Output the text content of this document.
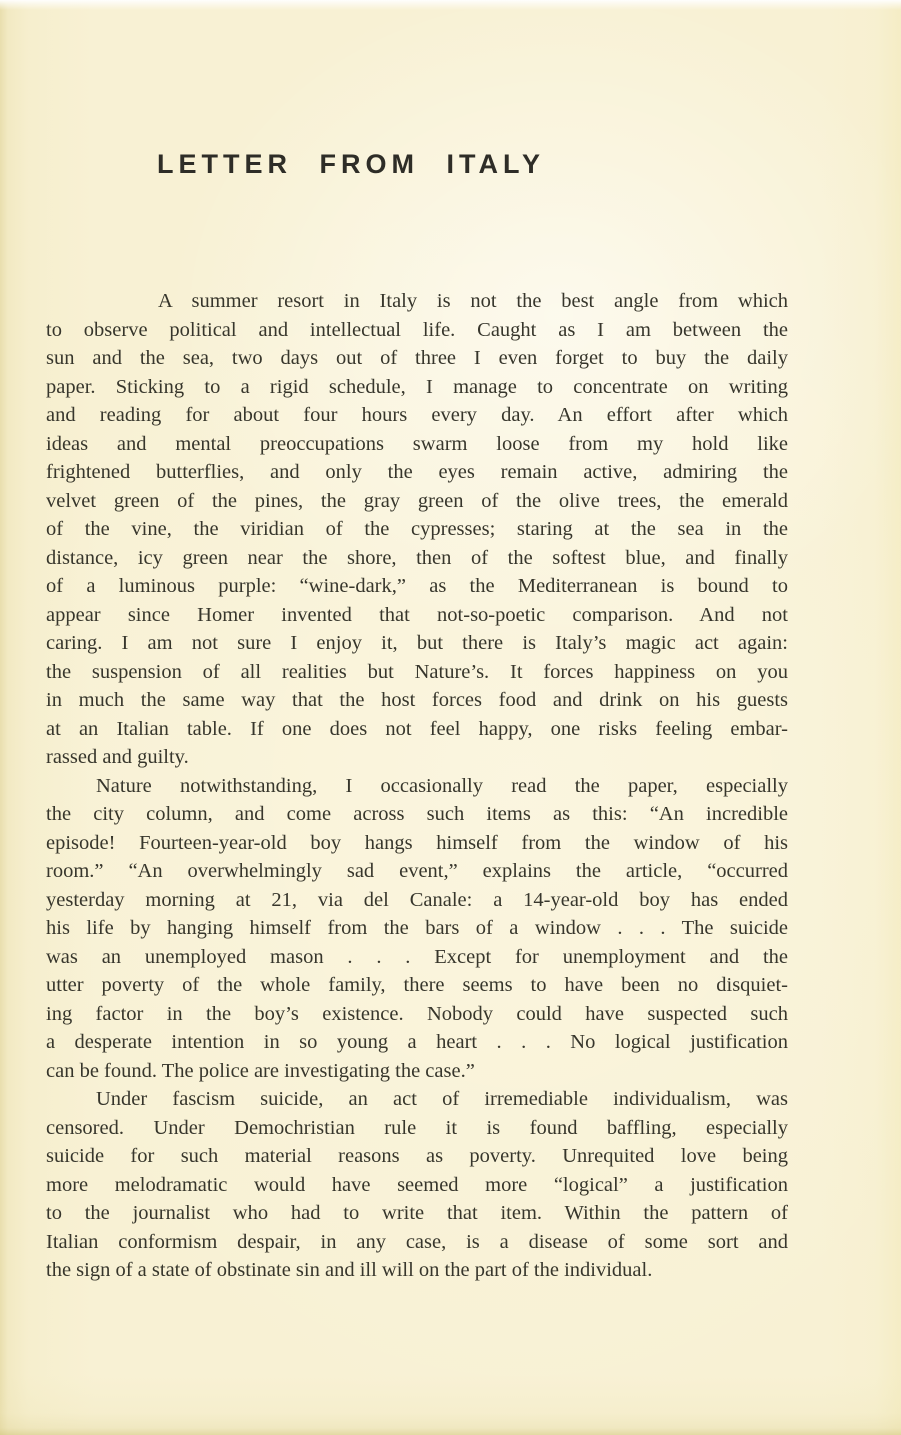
LETTER FROM ITALY
A summer resort in Italy is not the best angle from which
to observe political and intellectual life. Caught as I am between the
sun and the sea, two days out of three I even forget to buy the daily
paper. Sticking to a rigid schedule, I manage to concentrate on writing
and reading for about four hours every day. An effort after which
ideas and mental preoccupations swarm loose from my hold like
frightened butterflies, and only the eyes remain active, admiring the
velvet green of the pines, the gray green of the olive trees, the emerald
of the vine, the viridian of the cypresses; staring at the sea in the
distance, icy green near the shore, then of the softest blue, and finally
of a luminous purple: “wine-dark,” as the Mediterranean is bound to
appear since Homer invented that not-so-poetic comparison. And not
caring. I am not sure I enjoy it, but there is Italy’s magic act again:
the suspension of all realities but Nature’s. It forces happiness on you
in much the same way that the host forces food and drink on his guests
at an Italian table. If one does not feel happy, one risks feeling embar-
rassed and guilty.
Nature notwithstanding, I occasionally read the paper, especially
the city column, and come across such items as this: “An incredible
episode! Fourteen-year-old boy hangs himself from the window of his
room.” “An overwhelmingly sad event,” explains the article, “occurred
yesterday morning at 21, via del Canale: a 14-year-old boy has ended
his life by hanging himself from the bars of a window . . . The suicide
was an unemployed mason . . . Except for unemployment and the
utter poverty of the whole family, there seems to have been no disquiet-
ing factor in the boy’s existence. Nobody could have suspected such
a desperate intention in so young a heart . . . No logical justification
can be found. The police are investigating the case.”
Under fascism suicide, an act of irremediable individualism, was
censored. Under Demochristian rule it is found baffling, especially
suicide for such material reasons as poverty. Unrequited love being
more melodramatic would have seemed more “logical” a justification
to the journalist who had to write that item. Within the pattern of
Italian conformism despair, in any case, is a disease of some sort and
the sign of a state of obstinate sin and ill will on the part of the individual.
